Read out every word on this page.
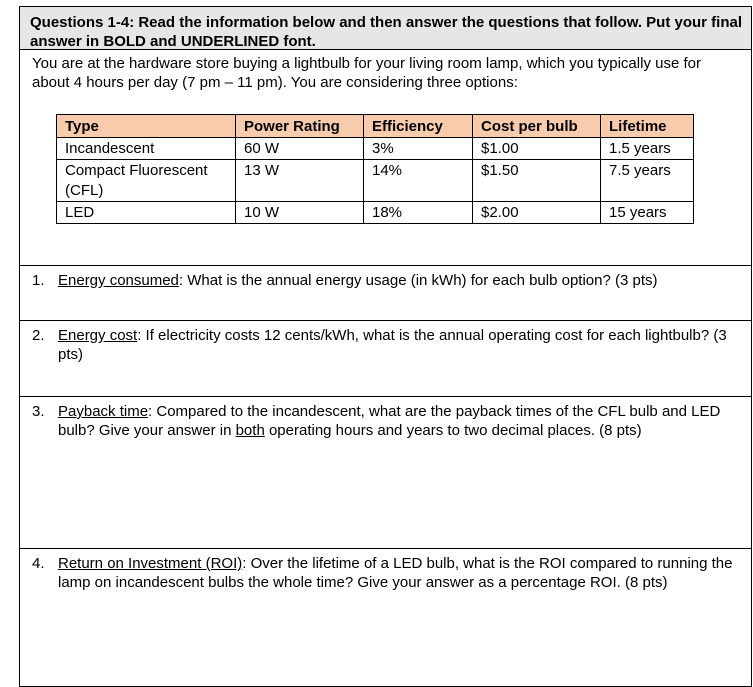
Questions 1-4: Read the information below and then answer the questions that follow. Put your final answer in BOLD and UNDERLINED font.
You are at the hardware store buying a lightbulb for your living room lamp, which you typically use for about 4 hours per day (7 pm – 11 pm). You are considering three options:
Type	Power Rating	Efficiency	Cost per bulb	Lifetime
Incandescent	60 W	3%	$1.00	1.5 years
Compact Fluorescent (CFL)	13 W	14%	$1.50	7.5 years
LED	10 W	18%	$2.00	15 years
1. Energy consumed: What is the annual energy usage (in kWh) for each bulb option? (3 pts)
2. Energy cost: If electricity costs 12 cents/kWh, what is the annual operating cost for each lightbulb? (3 pts)
3. Payback time: Compared to the incandescent, what are the payback times of the CFL bulb and LED bulb? Give your answer in both operating hours and years to two decimal places. (8 pts)
4. Return on Investment (ROI): Over the lifetime of a LED bulb, what is the ROI compared to running the lamp on incandescent bulbs the whole time? Give your answer as a percentage ROI. (8 pts)
